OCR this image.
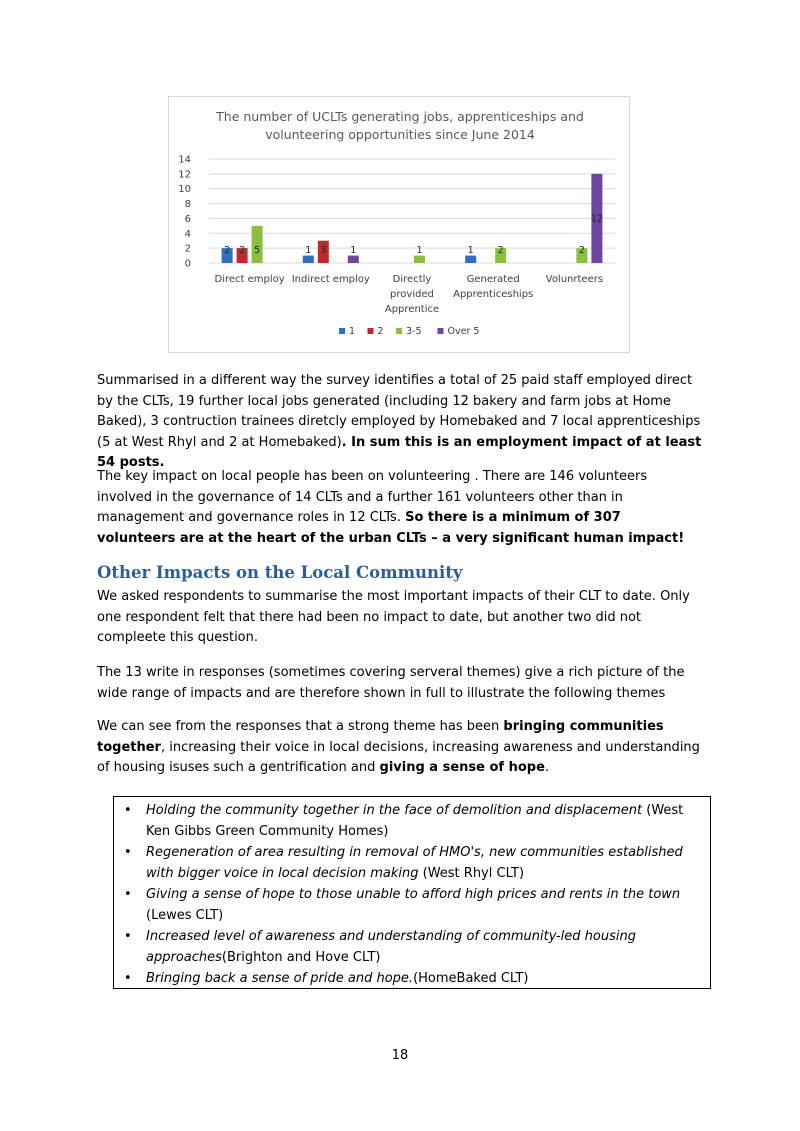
The number of UCLTs generating jobs, apprenticeships and
volunteering opportunities since June 2014
0
2
4
6
8
10
12
14
2	1	1
2	3
5	1	2	2
1
12
Direct employ Indirect employ Directly
provided
Apprentice
Generated
Apprenticeships
Volunrteers
1 2 3-5	Over 5

Summarised in a different way the survey identifies a total of 25 paid staff employed direct by the CLTs, 19 further local jobs generated (including 12 bakery and farm jobs at Home Baked), 3 contruction trainees diretcly employed by Homebaked and 7 local apprenticeships (5 at West Rhyl and 2 at Homebaked). In sum this is an employment impact of at least 54 posts.

The key impact on local people has been on volunteering . There are 146 volunteers involved in the governance of 14 CLTs and a further 161 volunteers other than in management and governance roles in 12 CLTs. So there is a minimum of 307 volunteers are at the heart of the urban CLTs – a very significant human impact!

Other Impacts on the Local Community

We asked respondents to summarise the most important impacts of their CLT to date. Only one respondent felt that there had been no impact to date, but another two did not compleete this question.

The 13 write in responses (sometimes covering serveral themes) give a rich picture of the wide range of impacts and are therefore shown in full to illustrate the following themes

We can see from the responses that a strong theme has been bringing communities together, increasing their voice in local decisions, increasing awareness and understanding of housing isuses such a gentrification and giving a sense of hope.

• Holding the community together in the face of demolition and displacement (West Ken Gibbs Green Community Homes)
• Regeneration of area resulting in removal of HMO's, new communities established with bigger voice in local decision making (West Rhyl CLT)
• Giving a sense of hope to those unable to afford high prices and rents in the town (Lewes CLT)
• Increased level of awareness and understanding of community-led housing approaches(Brighton and Hove CLT)
• Bringing back a sense of pride and hope.(HomeBaked CLT)
18
